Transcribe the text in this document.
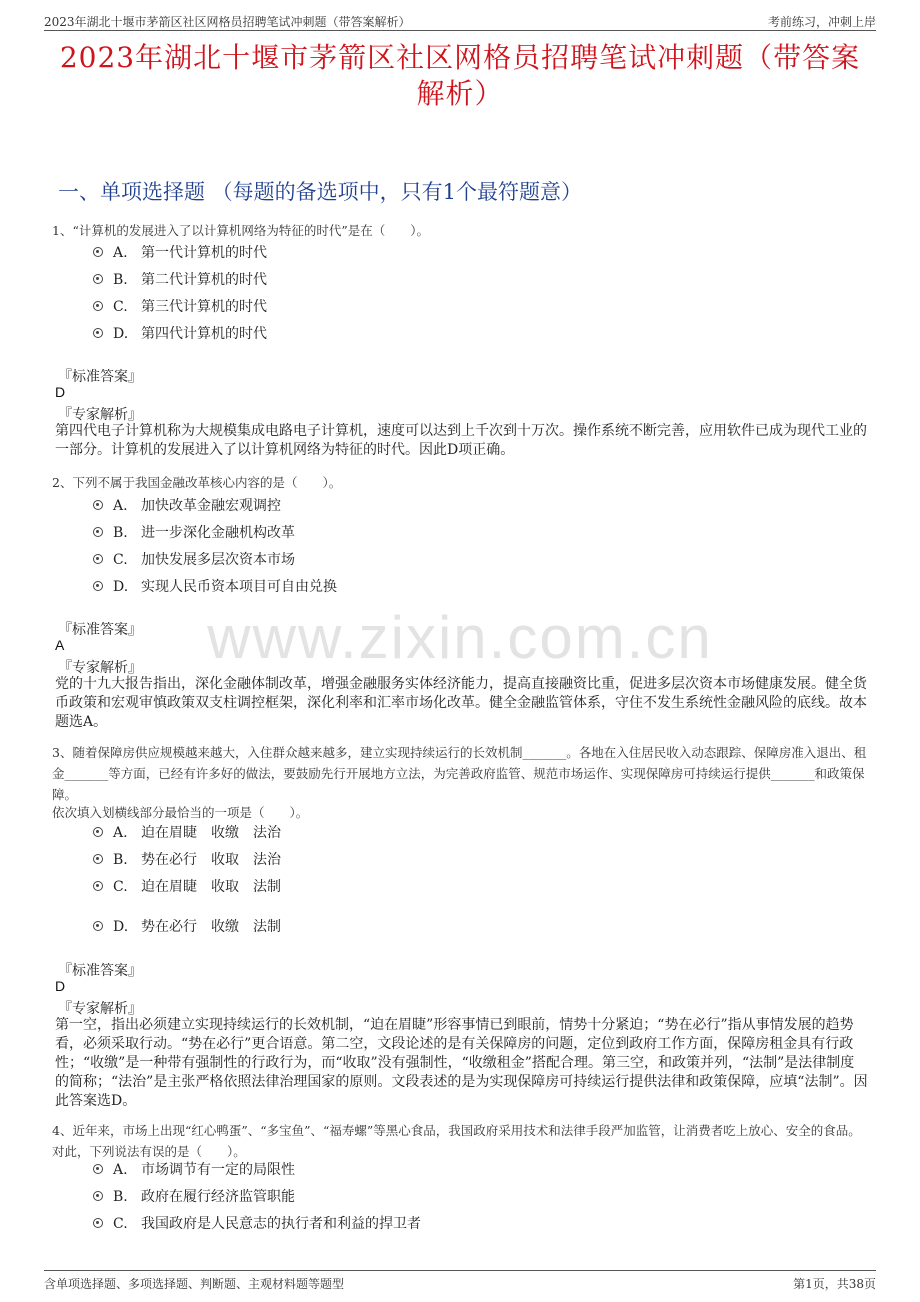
2023年湖北十堰市茅箭区社区网格员招聘笔试冲刺题（带答案解析）	考前练习，冲刺上岸
2023年湖北十堰市茅箭区社区网格员招聘笔试冲刺题（带答案解析）
一、单项选择题 （每题的备选项中，只有1个最符题意）
www.zixin.com.cn
1、“计算机的发展进入了以计算机网络为特征的时代”是在（　　）。
A. 第一代计算机的时代
B. 第二代计算机的时代
C. 第三代计算机的时代
D. 第四代计算机的时代
『标准答案』
D
『专家解析』
第四代电子计算机称为大规模集成电路电子计算机，速度可以达到上千次到十万次。操作系统不断完善，应用软件已成为现代工业的一部分。计算机的发展进入了以计算机网络为特征的时代。因此D项正确。
2、下列不属于我国金融改革核心内容的是（　　）。
A. 加快改革金融宏观调控
B. 进一步深化金融机构改革
C. 加快发展多层次资本市场
D. 实现人民币资本项目可自由兑换
『标准答案』
A
『专家解析』
党的十九大报告指出，深化金融体制改革，增强金融服务实体经济能力，提高直接融资比重，促进多层次资本市场健康发展。健全货币政策和宏观审慎政策双支柱调控框架，深化利率和汇率市场化改革。健全金融监管体系，守住不发生系统性金融风险的底线。故本题选A。
3、随着保障房供应规模越来越大，入住群众越来越多，建立实现持续运行的长效机制_______。各地在入住居民收入动态跟踪、保障房准入退出、租金_______等方面，已经有许多好的做法，要鼓励先行开展地方立法，为完善政府监管、规范市场运作、实现保障房可持续运行提供_______和政策保障。
依次填入划横线部分最恰当的一项是（　　）。
A. 迫在眉睫　收缴　法治
B. 势在必行　收取　法治
C. 迫在眉睫　收取　法制
D. 势在必行　收缴　法制
『标准答案』
D
『专家解析』
第一空，指出必须建立实现持续运行的长效机制，“迫在眉睫”形容事情已到眼前，情势十分紧迫；“势在必行”指从事情发展的趋势看，必须采取行动。“势在必行”更合语意。第二空，文段论述的是有关保障房的问题，定位到政府工作方面，保障房租金具有行政性；“收缴”是一种带有强制性的行政行为，而“收取”没有强制性，“收缴租金”搭配合理。第三空，和政策并列，“法制”是法律制度的简称；“法治”是主张严格依照法律治理国家的原则。文段表述的是为实现保障房可持续运行提供法律和政策保障，应填“法制”。因此答案选D。
4、近年来，市场上出现“红心鸭蛋”、“多宝鱼”、“福寿螺”等黑心食品，我国政府采用技术和法律手段严加监管，让消费者吃上放心、安全的食品。对此，下列说法有误的是（　　）。
A. 市场调节有一定的局限性
B. 政府在履行经济监管职能
C. 我国政府是人民意志的执行者和利益的捍卫者
含单项选择题、多项选择题、判断题、主观材料题等题型	第1页，共38页
